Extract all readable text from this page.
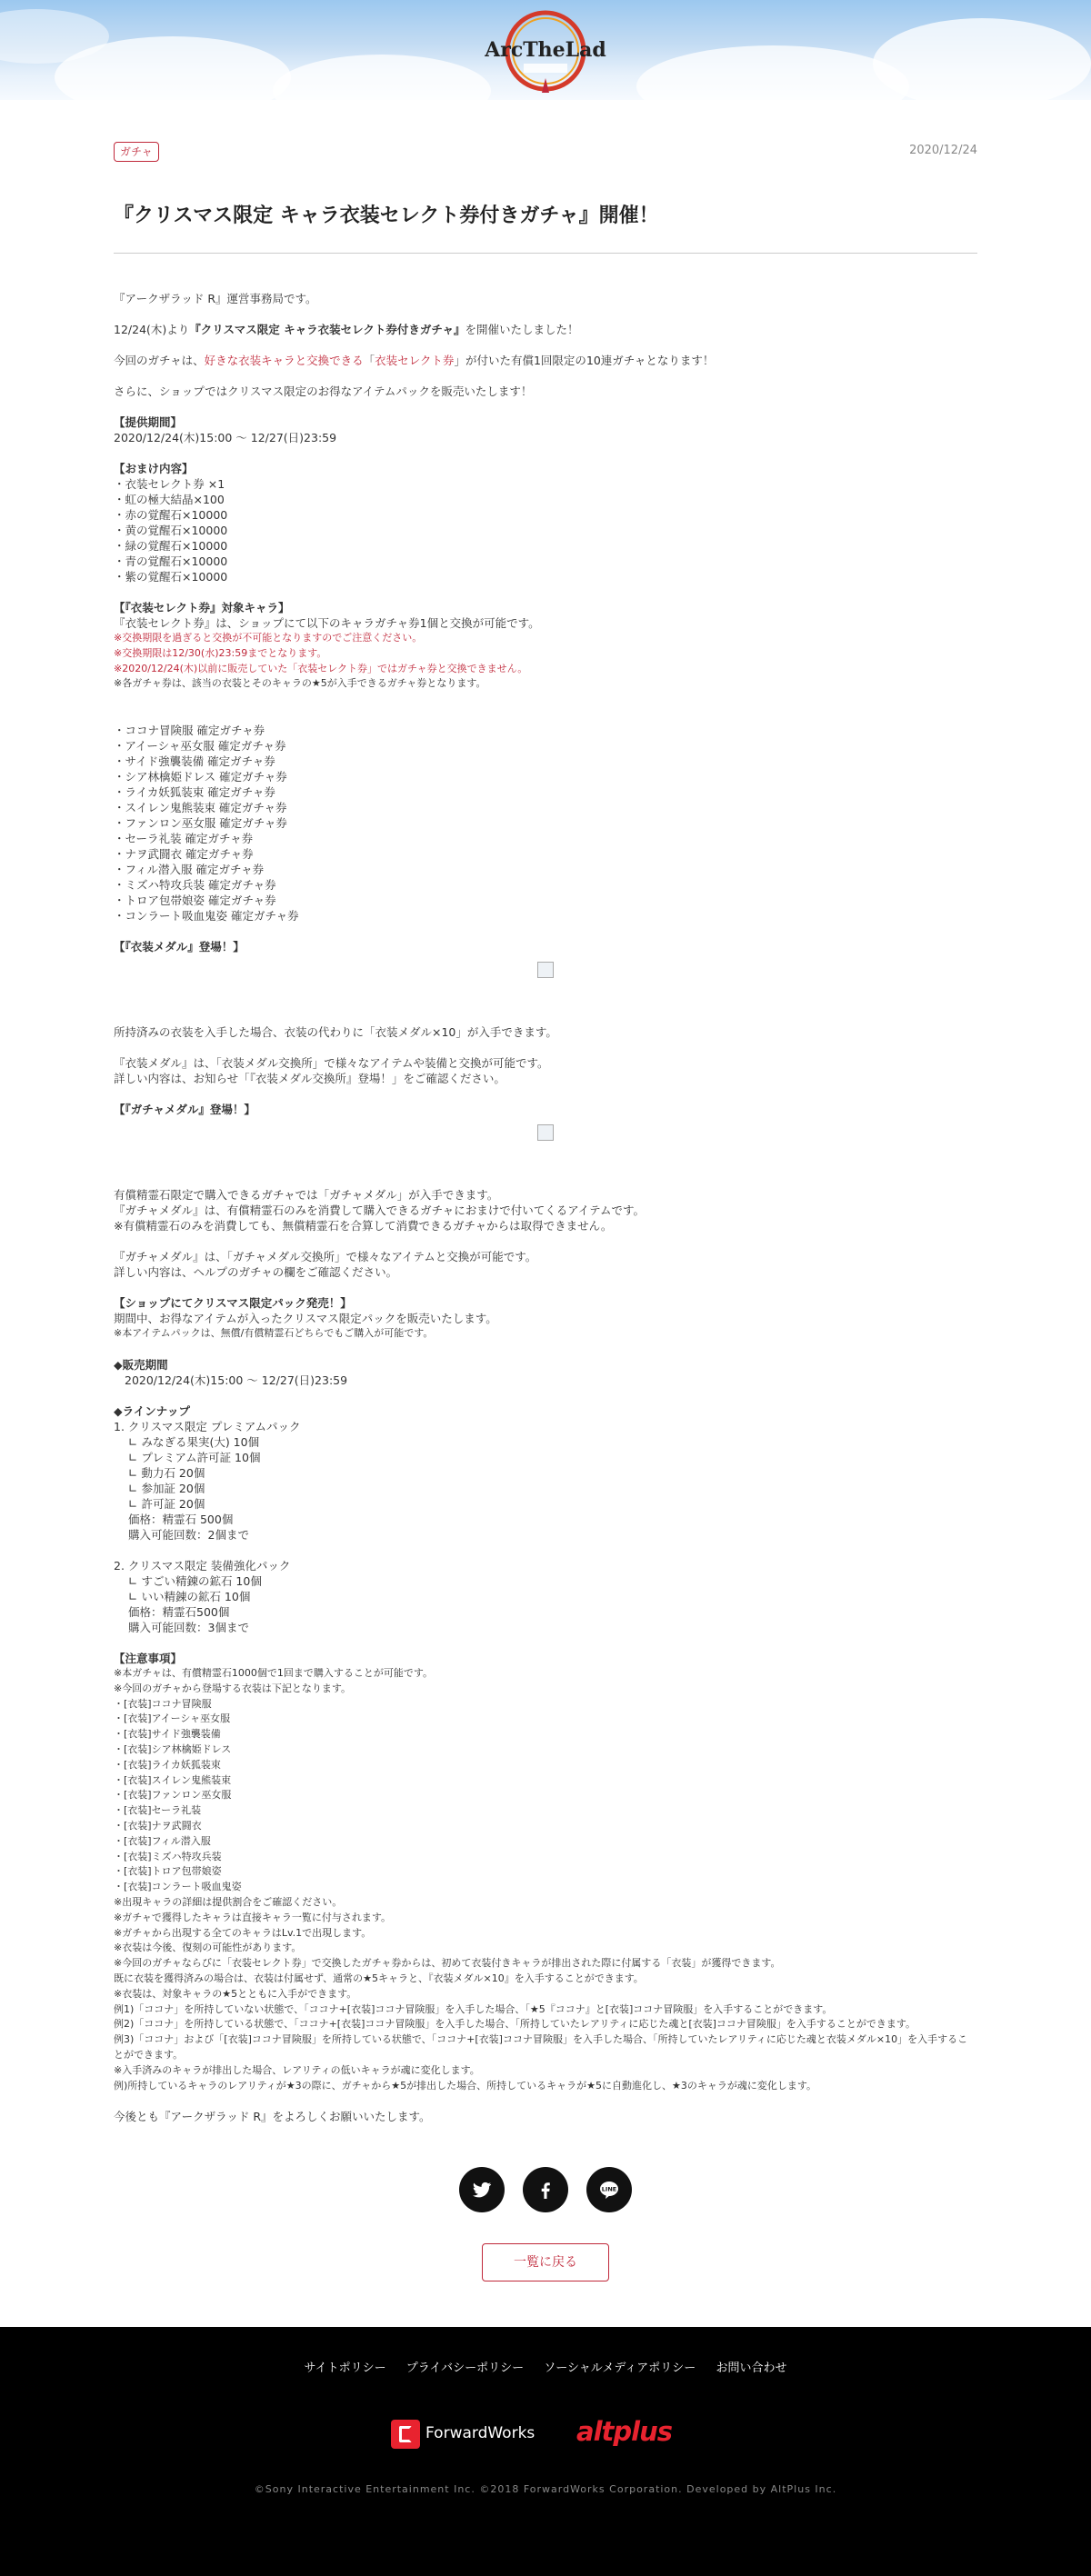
ArcTheLad
ガチャ	2020/12/24
『クリスマス限定 キャラ衣装セレクト券付きガチャ』開催！

『アークザラッド R』運営事務局です。

12/24(木)より『クリスマス限定 キャラ衣装セレクト券付きガチャ』を開催いたしました！

今回のガチャは、好きな衣装キャラと交換できる「衣装セレクト券」が付いた有償1回限定の10連ガチャとなります！

さらに、ショップではクリスマス限定のお得なアイテムパックを販売いたします！

【提供期間】

2020/12/24(木)15:00 〜 12/27(日)23:59

【おまけ内容】

・衣装セレクト券 ×1

・虹の極大結晶×100

・赤の覚醒石×10000

・黄の覚醒石×10000

・緑の覚醒石×10000

・青の覚醒石×10000

・紫の覚醒石×10000

【『衣装セレクト券』対象キャラ】

『衣装セレクト券』は、ショップにて以下のキャラガチャ券1個と交換が可能です。

※交換期限を過ぎると交換が不可能となりますのでご注意ください。

※交換期限は12/30(水)23:59までとなります。

※2020/12/24(木)以前に販売していた「衣装セレクト券」ではガチャ券と交換できません。

※各ガチャ券は、該当の衣装とそのキャラの★5が入手できるガチャ券となります。

・ココナ冒険服 確定ガチャ券

・アイーシャ巫女服 確定ガチャ券

・サイド強襲装備 確定ガチャ券

・シア林檎姫ドレス 確定ガチャ券

・ライカ妖狐装束 確定ガチャ券

・スイレン鬼熊装束 確定ガチャ券

・ファンロン巫女服 確定ガチャ券

・セーラ礼装 確定ガチャ券

・ナヲ武闘衣 確定ガチャ券

・フィル潜入服 確定ガチャ券

・ミズハ特攻兵装 確定ガチャ券

・トロア包帯娘姿 確定ガチャ券

・コンラート吸血鬼姿 確定ガチャ券

【『衣装メダル』登場！】

所持済みの衣装を入手した場合、衣装の代わりに「衣装メダル×10」が入手できます。

『衣装メダル』は、「衣装メダル交換所」で様々なアイテムや装備と交換が可能です。

詳しい内容は、お知らせ「『衣装メダル交換所』登場！」をご確認ください。

【『ガチャメダル』登場！】

有償精霊石限定で購入できるガチャでは「ガチャメダル」が入手できます。

『ガチャメダル』は、有償精霊石のみを消費して購入できるガチャにおまけで付いてくるアイテムです。

※有償精霊石のみを消費しても、無償精霊石を合算して消費できるガチャからは取得できません。

『ガチャメダル』は、「ガチャメダル交換所」で様々なアイテムと交換が可能です。

詳しい内容は、ヘルプのガチャの欄をご確認ください。

【ショップにてクリスマス限定パック発売！】

期間中、お得なアイテムが入ったクリスマス限定パックを販売いたします。

※本アイテムパックは、無償/有償精霊石どちらでもご購入が可能です。

◆販売期間

2020/12/24(木)15:00 〜 12/27(日)23:59

◆ラインナップ

1. クリスマス限定 プレミアムパック

∟ みなぎる果実(大) 10個

∟ プレミアム許可証 10個

∟ 動力石 20個

∟ 参加証 20個

∟ 許可証 20個

価格：精霊石 500個

購入可能回数：2個まで

2. クリスマス限定 装備強化パック

∟ すごい精錬の鉱石 10個

∟ いい精錬の鉱石 10個

価格：精霊石500個

購入可能回数：3個まで

【注意事項】

※本ガチャは、有償精霊石1000個で1回まで購入することが可能です。

※今回のガチャから登場する衣装は下記となります。

・[衣装]ココナ冒険服

・[衣装]アイーシャ巫女服

・[衣装]サイド強襲装備

・[衣装]シア林檎姫ドレス

・[衣装]ライカ妖狐装束

・[衣装]スイレン鬼熊装束

・[衣装]ファンロン巫女服

・[衣装]セーラ礼装

・[衣装]ナヲ武闘衣

・[衣装]フィル潜入服

・[衣装]ミズハ特攻兵装

・[衣装]トロア包帯娘姿

・[衣装]コンラート吸血鬼姿

※出現キャラの詳細は提供割合をご確認ください。

※ガチャで獲得したキャラは直接キャラ一覧に付与されます。

※ガチャから出現する全てのキャラはLv.1で出現します。

※衣装は今後、復刻の可能性があります。

※今回のガチャならびに「衣装セレクト券」で交換したガチャ券からは、初めて衣装付きキャラが排出された際に付属する「衣装」が獲得できます。

既に衣装を獲得済みの場合は、衣装は付属せず、通常の★5キャラと、『衣装メダル×10』を入手することができます。

※衣装は、対象キャラの★5とともに入手ができます。

例1)「ココナ」を所持していない状態で、「ココナ+[衣装]ココナ冒険服」を入手した場合、「★5『ココナ』と[衣装]ココナ冒険服」を入手することができます。

例2)「ココナ」を所持している状態で、「ココナ+[衣装]ココナ冒険服」を入手した場合、「所持していたレアリティに応じた魂と[衣装]ココナ冒険服」を入手することができます。

例3)「ココナ」および「[衣装]ココナ冒険服」を所持している状態で、「ココナ+[衣装]ココナ冒険服」を入手した場合、「所持していたレアリティに応じた魂と衣装メダル×10」を入手することができます。

※入手済みのキャラが排出した場合、レアリティの低いキャラが魂に変化します。

例)所持しているキャラのレアリティが★3の際に、ガチャから★5が排出した場合、所持しているキャラが★5に自動進化し、★3のキャラが魂に変化します。

今後とも『アークザラッド R』をよろしくお願いいたします。

LINE
一覧に戻る
サイトポリシー プライバシーポリシー ソーシャルメディアポリシー お問い合わせ
ForwardWorks altplus
©Sony Interactive Entertainment Inc. ©2018 ForwardWorks Corporation. Developed by AltPlus Inc.
